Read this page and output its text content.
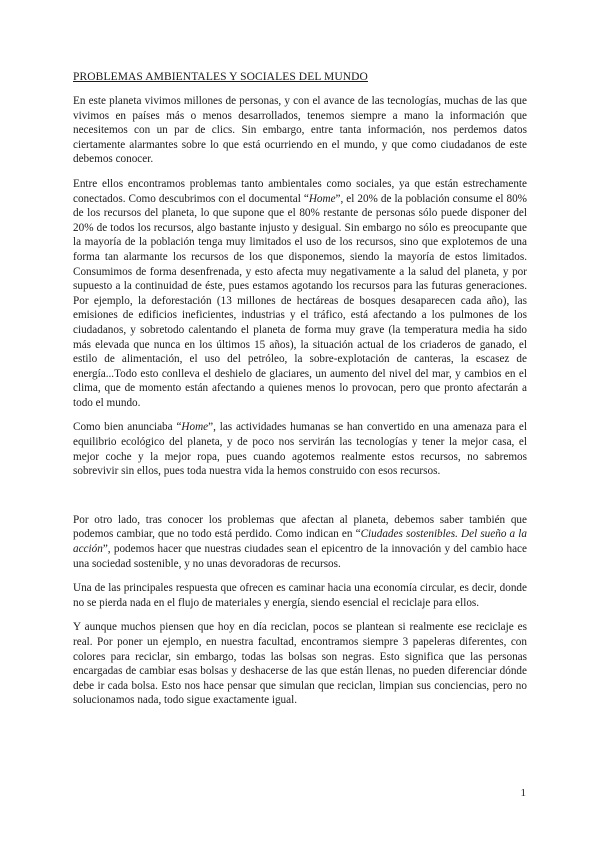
PROBLEMAS AMBIENTALES Y SOCIALES DEL MUNDO

En este planeta vivimos millones de personas, y con el avance de las tecnologías, muchas de las que vivimos en países más o menos desarrollados, tenemos siempre a mano la información que necesitemos con un par de clics. Sin embargo, entre tanta información, nos perdemos datos ciertamente alarmantes sobre lo que está ocurriendo en el mundo, y que como ciudadanos de este debemos conocer.

Entre ellos encontramos problemas tanto ambientales como sociales, ya que están estrechamente conectados. Como descubrimos con el documental “Home”, el 20% de la población consume el 80% de los recursos del planeta, lo que supone que el 80% restante de personas sólo puede disponer del 20% de todos los recursos, algo bastante injusto y desigual. Sin embargo no sólo es preocupante que la mayoría de la población tenga muy limitados el uso de los recursos, sino que explotemos de una forma tan alarmante los recursos de los que disponemos, siendo la mayoría de estos limitados. Consumimos de forma desenfrenada, y esto afecta muy negativamente a la salud del planeta, y por supuesto a la continuidad de éste, pues estamos agotando los recursos para las futuras generaciones. Por ejemplo, la deforestación (13 millones de hectáreas de bosques desaparecen cada año), las emisiones de edificios ineficientes, industrias y el tráfico, está afectando a los pulmones de los ciudadanos, y sobretodo calentando el planeta de forma muy grave (la temperatura media ha sido más elevada que nunca en los últimos 15 años), la situación actual de los criaderos de ganado, el estilo de alimentación, el uso del petróleo, la sobre-explotación de canteras, la escasez de energía...Todo esto conlleva el deshielo de glaciares, un aumento del nivel del mar, y cambios en el clima, que de momento están afectando a quienes menos lo provocan, pero que pronto afectarán a todo el mundo.

Como bien anunciaba “Home”, las actividades humanas se han convertido en una amenaza para el equilibrio ecológico del planeta, y de poco nos servirán las tecnologías y tener la mejor casa, el mejor coche y la mejor ropa, pues cuando agotemos realmente estos recursos, no sabremos sobrevivir sin ellos, pues toda nuestra vida la hemos construido con esos recursos.

Por otro lado, tras conocer los problemas que afectan al planeta, debemos saber también que podemos cambiar, que no todo está perdido. Como indican en “Ciudades sostenibles. Del sueño a la acción”, podemos hacer que nuestras ciudades sean el epicentro de la innovación y del cambio hace una sociedad sostenible, y no unas devoradoras de recursos.

Una de las principales respuesta que ofrecen es caminar hacia una economía circular, es decir, donde no se pierda nada en el flujo de materiales y energía, siendo esencial el reciclaje para ellos.

Y aunque muchos piensen que hoy en día reciclan, pocos se plantean si realmente ese reciclaje es real. Por poner un ejemplo, en nuestra facultad, encontramos siempre 3 papeleras diferentes, con colores para reciclar, sin embargo, todas las bolsas son negras. Esto significa que las personas encargadas de cambiar esas bolsas y deshacerse de las que están llenas, no pueden diferenciar dónde debe ir cada bolsa. Esto nos hace pensar que simulan que reciclan, limpian sus conciencias, pero no solucionamos nada, todo sigue exactamente igual.

1
